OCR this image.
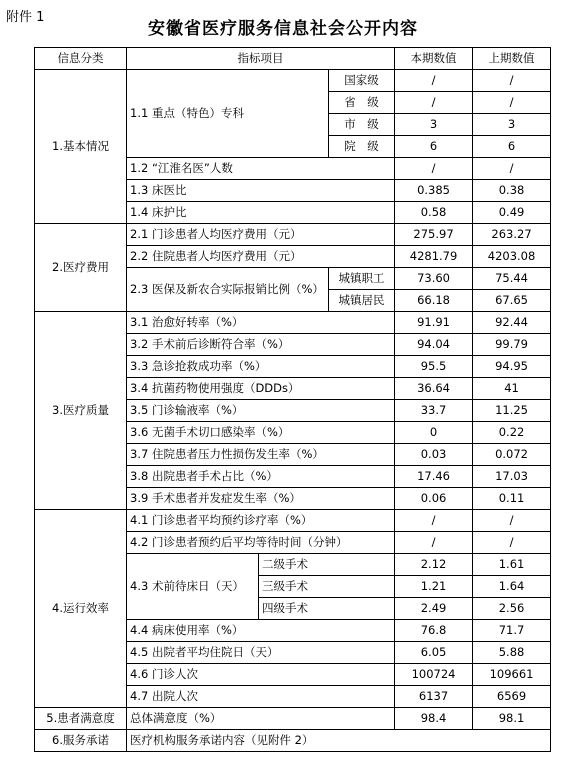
附件 1
安徽省医疗服务信息社会公开内容
信息分类	指标项目			本期数值	上期数值
1.基本情况	1.1 重点（特色）专科		国家级	/	/
			省　级	/	/
			市　级	3	3
			院　级	6	6
	1.2 “江淮名医”人数			/	/
	1.3 床医比			0.385	0.38
	1.4 床护比			0.58	0.49
2.医疗费用	2.1 门诊患者人均医疗费用（元）			275.97	263.27
	2.2 住院患者人均医疗费用（元）			4281.79	4203.08
	2.3 医保及新农合实际报销比例（%）		城镇职工	73.60	75.44
			城镇居民	66.18	67.65
3.医疗质量	3.1 治愈好转率（%）			91.91	92.44
	3.2 手术前后诊断符合率（%）			94.04	99.79
	3.3 急诊抢救成功率（%）			95.5	94.95
	3.4 抗菌药物使用强度（DDDs）			36.64	41
	3.5 门诊输液率（%）			33.7	11.25
	3.6 无菌手术切口感染率（%）			0	0.22
	3.7 住院患者压力性损伤发生率（%）			0.03	0.072
	3.8 出院患者手术占比（%）			17.46	17.03
	3.9 手术患者并发症发生率（%）			0.06	0.11
4.运行效率	4.1 门诊患者平均预约诊疗率（%）			/	/
	4.2 门诊患者预约后平均等待时间（分钟）			/	/
	4.3 术前待床日（天）	二级手术		2.12	1.61
		三级手术		1.21	1.64
		四级手术		2.49	2.56
	4.4 病床使用率（%）			76.8	71.7
	4.5 出院者平均住院日（天）			6.05	5.88
	4.6 门诊人次			100724	109661
	4.7 出院人次			6137	6569
5.患者满意度	总体满意度（%）			98.4	98.1
6.服务承诺	医疗机构服务承诺内容（见附件 2）				
